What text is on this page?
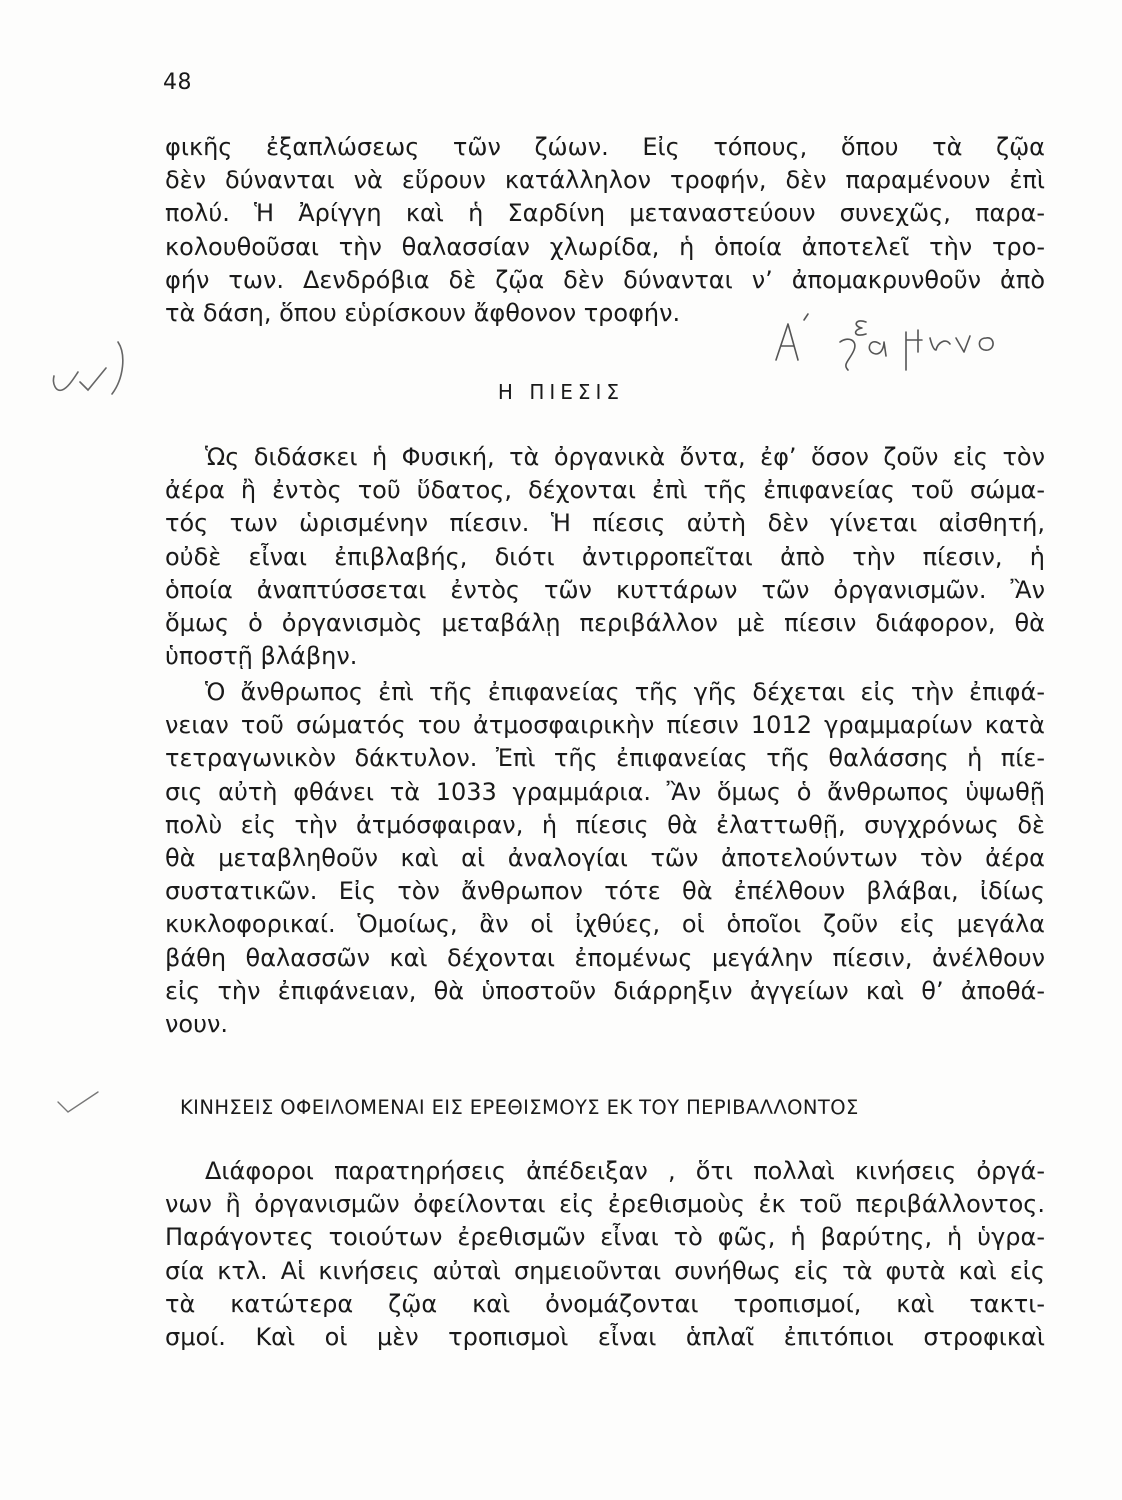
48
φικῆς ἐξαπλώσεως τῶν ζώων. Εἰς τόπους, ὅπου τὰ ζῷα
δὲν δύνανται νὰ εὕρουν κατάλληλον τροφήν, δὲν παραμένουν ἐπὶ
πολύ. Ἡ Ἀρίγγη καὶ ἡ Σαρδίνη μεταναστεύουν συνεχῶς, παρα-
κολουθοῦσαι τὴν θαλασσίαν χλωρίδα, ἡ ὁποία ἀποτελεῖ τὴν τρο-
φήν των. Δενδρόβια δὲ ζῷα δὲν δύνανται ν’ ἀπομακρυνθοῦν ἀπὸ
τὰ δάση, ὅπου εὑρίσκουν ἄφθονον τροφήν.
Η ΠΙΕΣΙΣ
Ὡς διδάσκει ἡ Φυσική, τὰ ὀργανικὰ ὄντα, ἐφ’ ὅσον ζοῦν εἰς τὸν
ἀέρα ἢ ἐντὸς τοῦ ὕδατος, δέχονται ἐπὶ τῆς ἐπιφανείας τοῦ σώμα-
τός των ὡρισμένην πίεσιν. Ἡ πίεσις αὐτὴ δὲν γίνεται αἰσθητή,
οὐδὲ εἶναι ἐπιβλαβής, διότι ἀντιρροπεῖται ἀπὸ τὴν πίεσιν, ἡ
ὁποία ἀναπτύσσεται ἐντὸς τῶν κυττάρων τῶν ὀργανισμῶν. Ἂν
ὅμως ὁ ὀργανισμὸς μεταβάλῃ περιβάλλον μὲ πίεσιν διάφορον, θὰ
ὑποστῇ βλάβην.
Ὁ ἄνθρωπος ἐπὶ τῆς ἐπιφανείας τῆς γῆς δέχεται εἰς τὴν ἐπιφά-
νειαν τοῦ σώματός του ἀτμοσφαιρικὴν πίεσιν 1012 γραμμαρίων κατὰ
τετραγωνικὸν δάκτυλον. Ἐπὶ τῆς ἐπιφανείας τῆς θαλάσσης ἡ πίε-
σις αὐτὴ φθάνει τὰ 1033 γραμμάρια. Ἂν ὅμως ὁ ἄνθρωπος ὑψωθῇ
πολὺ εἰς τὴν ἀτμόσφαιραν, ἡ πίεσις θὰ ἐλαττωθῇ, συγχρόνως δὲ
θὰ μεταβληθοῦν καὶ αἱ ἀναλογίαι τῶν ἀποτελούντων τὸν ἀέρα
συστατικῶν. Εἰς τὸν ἄνθρωπον τότε θὰ ἐπέλθουν βλάβαι, ἰδίως
κυκλοφορικαί. Ὁμοίως, ἂν οἱ ἰχθύες, οἱ ὁποῖοι ζοῦν εἰς μεγάλα
βάθη θαλασσῶν καὶ δέχονται ἐπομένως μεγάλην πίεσιν, ἀνέλθουν
εἰς τὴν ἐπιφάνειαν, θὰ ὑποστοῦν διάρρηξιν ἀγγείων καὶ θ’ ἀποθά-
νουν.
ΚΙΝΗΣΕΙΣ ΟΦΕΙΛΟΜΕΝΑΙ ΕΙΣ ΕΡΕΘΙΣΜΟΥΣ ΕΚ ΤΟΥ ΠΕΡΙΒΑΛΛΟΝΤΟΣ
Διάφοροι παρατηρήσεις ἀπέδειξαν , ὅτι πολλαὶ κινήσεις ὀργά-
νων ἢ ὀργανισμῶν ὀφείλονται εἰς ἐρεθισμοὺς ἐκ τοῦ περιβάλλοντος.
Παράγοντες τοιούτων ἐρεθισμῶν εἶναι τὸ φῶς, ἡ βαρύτης, ἡ ὑγρα-
σία κτλ. Αἱ κινήσεις αὐταὶ σημειοῦνται συνήθως εἰς τὰ φυτὰ καὶ εἰς
τὰ κατώτερα ζῷα καὶ ὀνομάζονται τροπισμοί, καὶ τακτι-
σμοί. Καὶ οἱ μὲν τροπισμοὶ εἶναι ἁπλαῖ ἐπιτόπιοι στροφικαὶ
